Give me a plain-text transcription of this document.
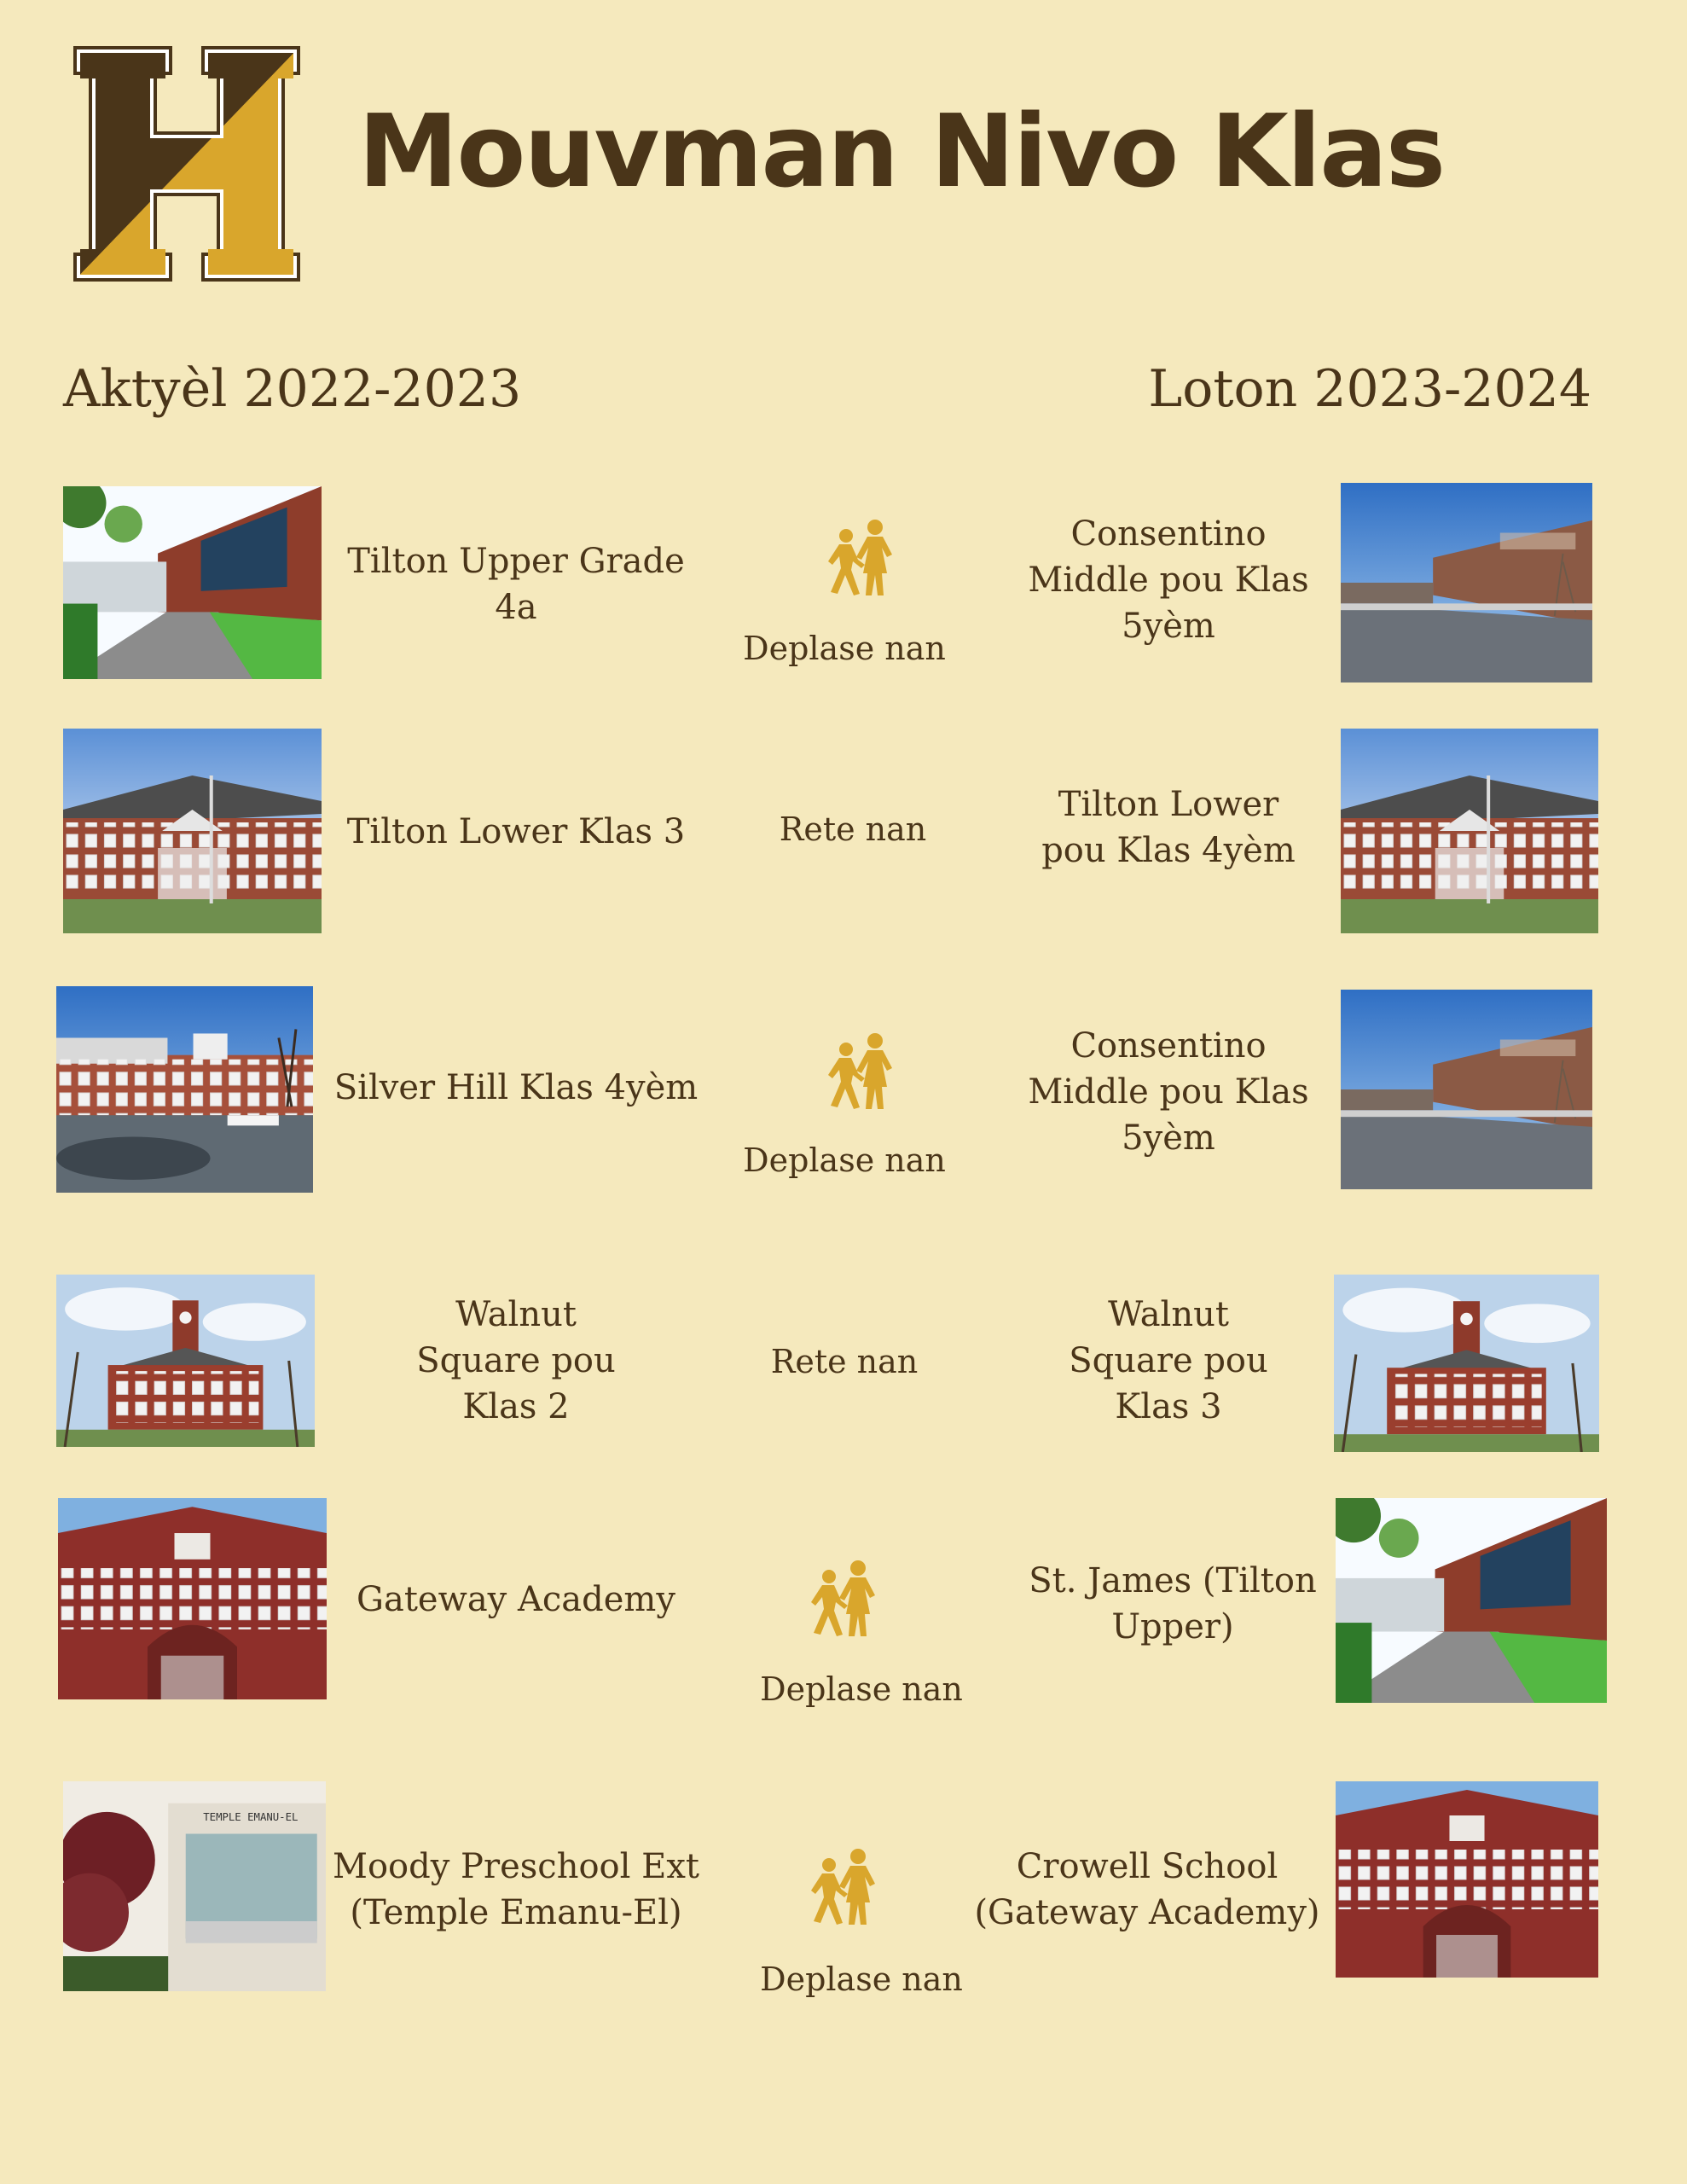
Mouvman Nivo Klas
Aktyèl 2022-2023	Loton 2023-2024
Tilton Upper Grade 4a
Deplase nan
Consentino Middle pou Klas 5yèm
Tilton Lower Klas 3	Rete nan
Tilton Lower pou Klas 4yèm
Silver Hill Klas 4yèm
Deplase nan
Consentino Middle pou Klas 5yèm
Walnut Square pou Klas 2
Rete nan
Walnut Square pou Klas 3
Gateway Academy
Deplase nan
St. James (Tilton Upper)
Moody Preschool Ext (Temple Emanu-El)
Deplase nan
Crowell School (Gateway Academy)
